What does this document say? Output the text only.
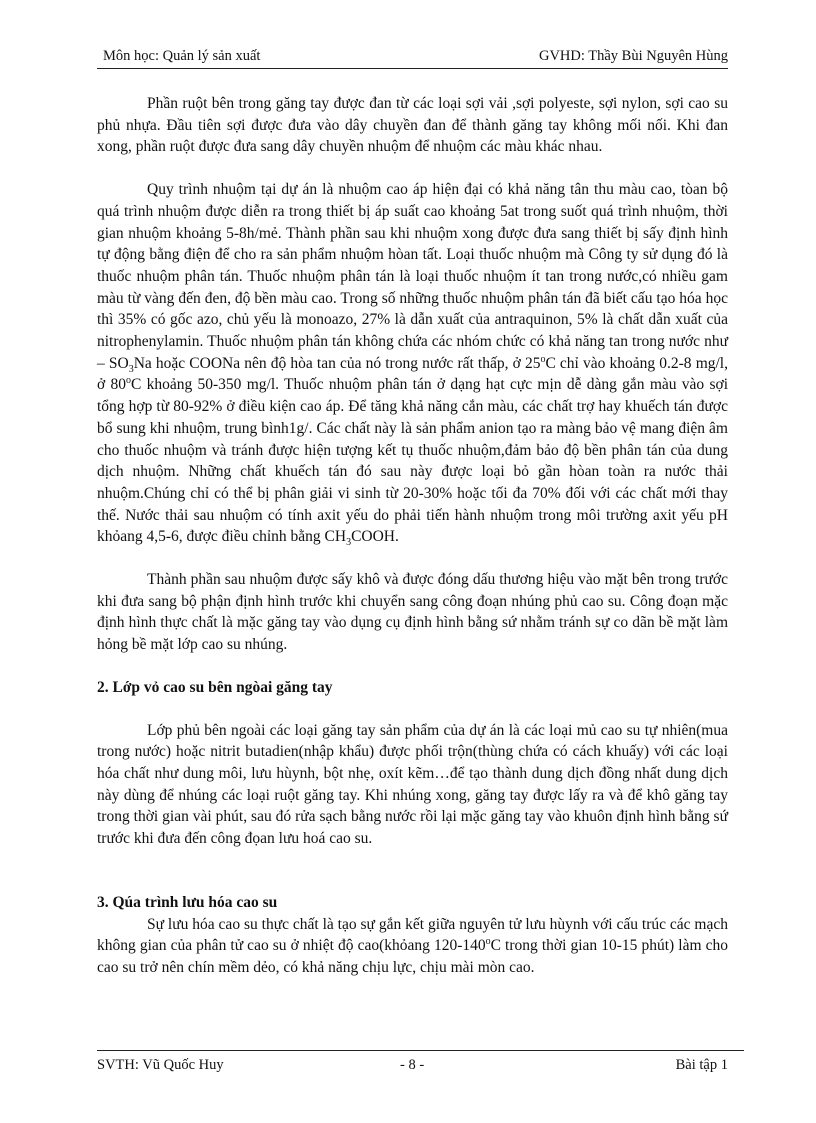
Môn học: Quản lý sản xuất	GVHD: Thầy Bùi Nguyên Hùng

Phần ruột bên trong găng tay được đan từ các loại sợi vải ,sợi polyeste, sợi nylon, sợi cao su phủ nhựa. Đầu tiên sợi được đưa vào dây chuyền đan để thành găng tay không mối nối. Khi đan xong, phần ruột được đưa sang dây chuyền nhuộm để nhuộm các màu khác nhau.

Quy trình nhuộm tại dự án là nhuộm cao áp hiện đại có khả năng tân thu màu cao, tòan bộ quá trình nhuộm được diễn ra trong thiết bị áp suất cao khoảng 5at trong suốt quá trình nhuộm, thời gian nhuộm khoảng 5-8h/mẻ. Thành phần sau khi nhuộm xong được đưa sang thiết bị sấy định hình tự động bằng điện để cho ra sản phẩm nhuộm hòan tất. Loại thuốc nhuộm mà Công ty sử dụng đó là thuốc nhuộm phân tán. Thuốc nhuộm phân tán là loại thuốc nhuộm ít tan trong nước,có nhiều gam màu từ vàng đến đen, độ bền màu cao. Trong số những thuốc nhuộm phân tán đã biết cấu tạo hóa học thì 35% có gốc azo, chủ yếu là monoazo, 27% là dẫn xuất của antraquinon, 5% là chất dẫn xuất của nitrophenylamin. Thuốc nhuộm phân tán không chứa các nhóm chức có khả năng tan trong nước như – $SO_3Na$ hoặc COONa nên độ hòa tan của nó trong nước rất thấp, ở 25$^o$C chỉ vào khoảng 0.2-8 mg/l, ở 80$^o$C khoảng 50-350 mg/l. Thuốc nhuộm phân tán ở dạng hạt cực mịn dễ dàng gắn màu vào sợi tổng hợp từ 80-92% ở điều kiện cao áp. Để tăng khả năng cắn màu, các chất trợ hay khuếch tán được bổ sung khi nhuộm, trung bình1g/. Các chất này là sản phẩm anion tạo ra màng bảo vệ mang điện âm cho thuốc nhuộm và tránh được hiện tượng kết tụ thuốc nhuộm,đảm bảo độ bền phân tán của dung dịch nhuộm. Những chất khuếch tán đó sau này được loại bỏ gần hòan toàn ra nước thải nhuộm.Chúng chỉ có thể bị phân giải vi sinh từ 20-30% hoặc tối đa 70% đối với các chất mới thay thế. Nước thải sau nhuộm có tính axit yếu do phải tiến hành nhuộm trong môi trường axit yếu pH khỏang 4,5-6, được điều chỉnh bằng $CH_3COOH$.

Thành phần sau nhuộm được sấy khô và được đóng dấu thương hiệu vào mặt bên trong trước khi đưa sang bộ phận định hình trước khi chuyển sang công đoạn nhúng phủ cao su. Công đoạn mặc định hình thực chất là mặc găng tay vào dụng cụ định hình bằng sứ nhằm tránh sự co dãn bề mặt làm hỏng bề mặt lớp cao su nhúng.

2. Lớp vỏ cao su bên ngòai găng tay

Lớp phủ bên ngoài các loại găng tay sản phẩm của dự án là các loại mủ cao su tự nhiên(mua trong nước) hoặc nitrit butadien(nhập khẩu) được phối trộn(thùng chứa có cách khuấy) với các loại hóa chất như dung môi, lưu hùynh, bột nhẹ, oxít kẽm…để tạo thành dung dịch đồng nhất dung dịch này dùng để nhúng các loại ruột găng tay. Khi nhúng xong, găng tay được lấy ra và để khô găng tay trong thời gian vài phút, sau đó rửa sạch bằng nước rồi lại mặc găng tay vào khuôn định hình bằng sứ trước khi đưa đến công đọan lưu hoá cao su.

3. Qúa trình lưu hóa cao su

Sự lưu hóa cao su thực chất là tạo sự gắn kết giữa nguyên tử lưu hùynh với cấu trúc các mạch không gian của phân tử cao su ở nhiệt độ cao(khỏang 120-140$^o$C trong thời gian 10-15 phút) làm cho cao su trở nên chín mềm dẻo, có khả năng chịu lực, chịu mài mòn cao.

SVTH: Vũ Quốc Huy	- 8 -	Bài tập 1
